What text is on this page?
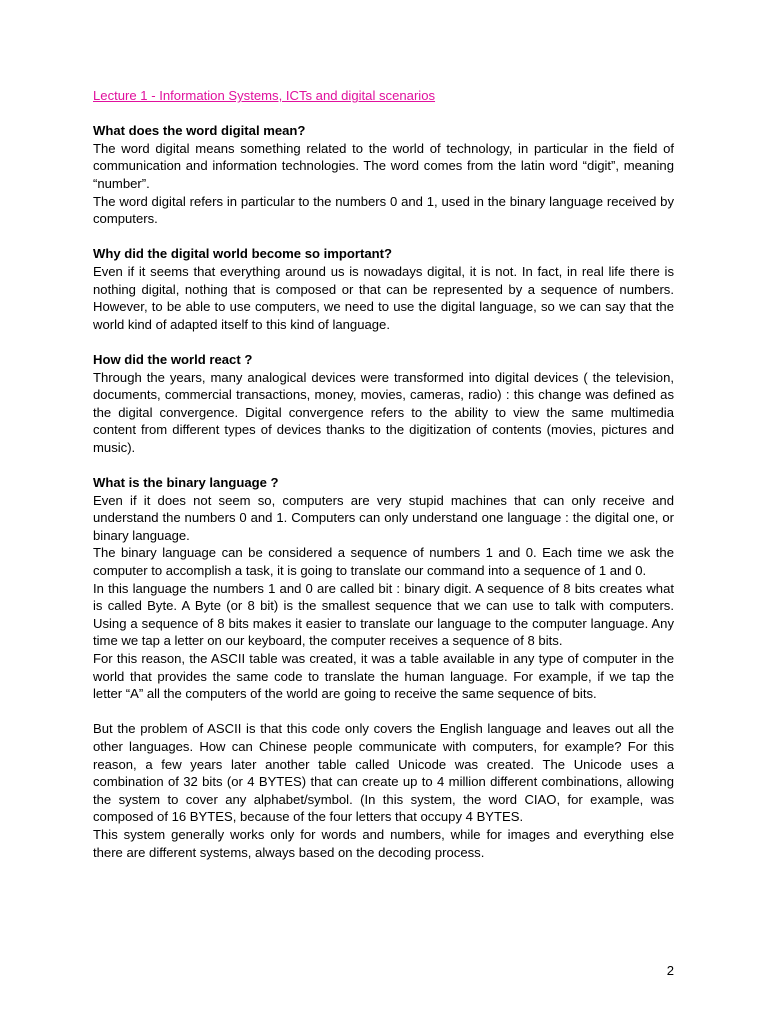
Lecture 1 - Information Systems, ICTs and digital scenarios

What does the word digital mean?

The word digital means something related to the world of technology, in particular in the field of communication and information technologies. The word comes from the latin word “digit”, meaning “number”.

The word digital refers in particular to the numbers 0 and 1, used in the binary language received by computers.

Why did the digital world become so important?

Even if it seems that everything around us is nowadays digital, it is not. In fact, in real life there is nothing digital, nothing that is composed or that can be represented by a sequence of numbers. However, to be able to use computers, we need to use the digital language, so we can say that the world kind of adapted itself to this kind of language.

How did the world react ?

Through the years, many analogical devices were transformed into digital devices ( the television, documents, commercial transactions, money, movies, cameras, radio) : this change was defined as the digital convergence. Digital convergence refers to the ability to view the same multimedia content from different types of devices thanks to the digitization of contents (movies, pictures and music).

What is the binary language ?

Even if it does not seem so, computers are very stupid machines that can only receive and understand the numbers 0 and 1. Computers can only understand one language : the digital one, or binary language.

The binary language can be considered a sequence of numbers 1 and 0. Each time we ask the computer to accomplish a task, it is going to translate our command into a sequence of 1 and 0.

In this language the numbers 1 and 0 are called bit : binary digit. A sequence of 8 bits creates what is called Byte. A Byte (or 8 bit) is the smallest sequence that we can use to talk with computers. Using a sequence of 8 bits makes it easier to translate our language to the computer language. Any time we tap a letter on our keyboard, the computer receives a sequence of 8 bits.

For this reason, the ASCII table was created, it was a table available in any type of computer in the world that provides the same code to translate the human language. For example, if we tap the letter “A” all the computers of the world are going to receive the same sequence of bits.

But the problem of ASCII is that this code only covers the English language and leaves out all the other languages. How can Chinese people communicate with computers, for example? For this reason, a few years later another table called Unicode was created. The Unicode uses a combination of 32 bits (or 4 BYTES) that can create up to 4 million different combinations, allowing the system to cover any alphabet/symbol. (In this system, the word CIAO, for example, was composed of 16 BYTES, because of the four letters that occupy 4 BYTES.

This system generally works only for words and numbers, while for images and everything else there are different systems, always based on the decoding process.

2
